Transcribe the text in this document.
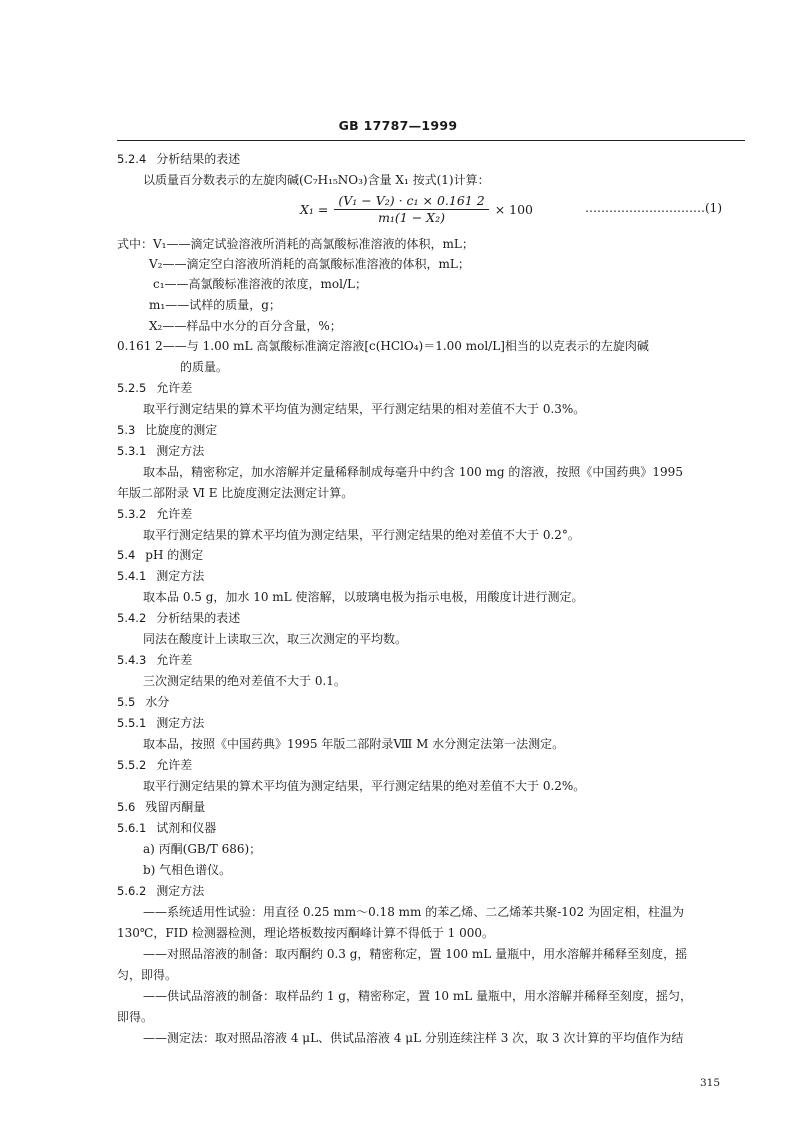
GB 17787—1999
5.2.4 分析结果的表述
以质量百分数表示的左旋肉碱(C₇H₁₅NO₃)含量 X₁ 按式(1)计算：
$X_1 = \frac{\text{(V₁ − V₂) · c₁ × 0.161 2}}{\text{m₁(1 − X₂)}} \times 100$	…………………………(1)
式中：V₁——滴定试验溶液所消耗的高氯酸标准溶液的体积，mL；
V₂——滴定空白溶液所消耗的高氯酸标准溶液的体积，mL；
c₁——高氯酸标准溶液的浓度，mol/L；
m₁——试样的质量，g；
X₂——样品中水分的百分含量，%；
0.161 2——与 1.00 mL 高氯酸标准滴定溶液[c(HClO₄)＝1.00 mol/L]相当的以克表示的左旋肉碱
的质量。
5.2.5 允许差
取平行测定结果的算术平均值为测定结果，平行测定结果的相对差值不大于 0.3%。
5.3 比旋度的测定
5.3.1 测定方法
取本品，精密称定，加水溶解并定量稀释制成每毫升中约含 100 mg 的溶液，按照《中国药典》1995
年版二部附录 Ⅵ E 比旋度测定法测定计算。
5.3.2 允许差
取平行测定结果的算术平均值为测定结果，平行测定结果的绝对差值不大于 0.2°。
5.4 pH 的测定
5.4.1 测定方法
取本品 0.5 g，加水 10 mL 使溶解，以玻璃电极为指示电极，用酸度计进行测定。
5.4.2 分析结果的表述
同法在酸度计上读取三次，取三次测定的平均数。
5.4.3 允许差
三次测定结果的绝对差值不大于 0.1。
5.5 水分
5.5.1 测定方法
取本品，按照《中国药典》1995 年版二部附录Ⅷ M 水分测定法第一法测定。
5.5.2 允许差
取平行测定结果的算术平均值为测定结果，平行测定结果的绝对差值不大于 0.2%。
5.6 残留丙酮量
5.6.1 试剂和仪器
a) 丙酮(GB/T 686)；
b) 气相色谱仪。
5.6.2 测定方法
——系统适用性试验：用直径 0.25 mm～0.18 mm 的苯乙烯、二乙烯苯共聚-102 为固定相，柱温为
130℃，FID 检测器检测，理论塔板数按丙酮峰计算不得低于 1 000。
——对照品溶液的制备：取丙酮约 0.3 g，精密称定，置 100 mL 量瓶中，用水溶解并稀释至刻度，摇
匀，即得。
——供试品溶液的制备：取样品约 1 g，精密称定，置 10 mL 量瓶中，用水溶解并稀释至刻度，摇匀，
即得。
——测定法：取对照品溶液 4 μL、供试品溶液 4 μL 分别连续注样 3 次，取 3 次计算的平均值作为结
315
